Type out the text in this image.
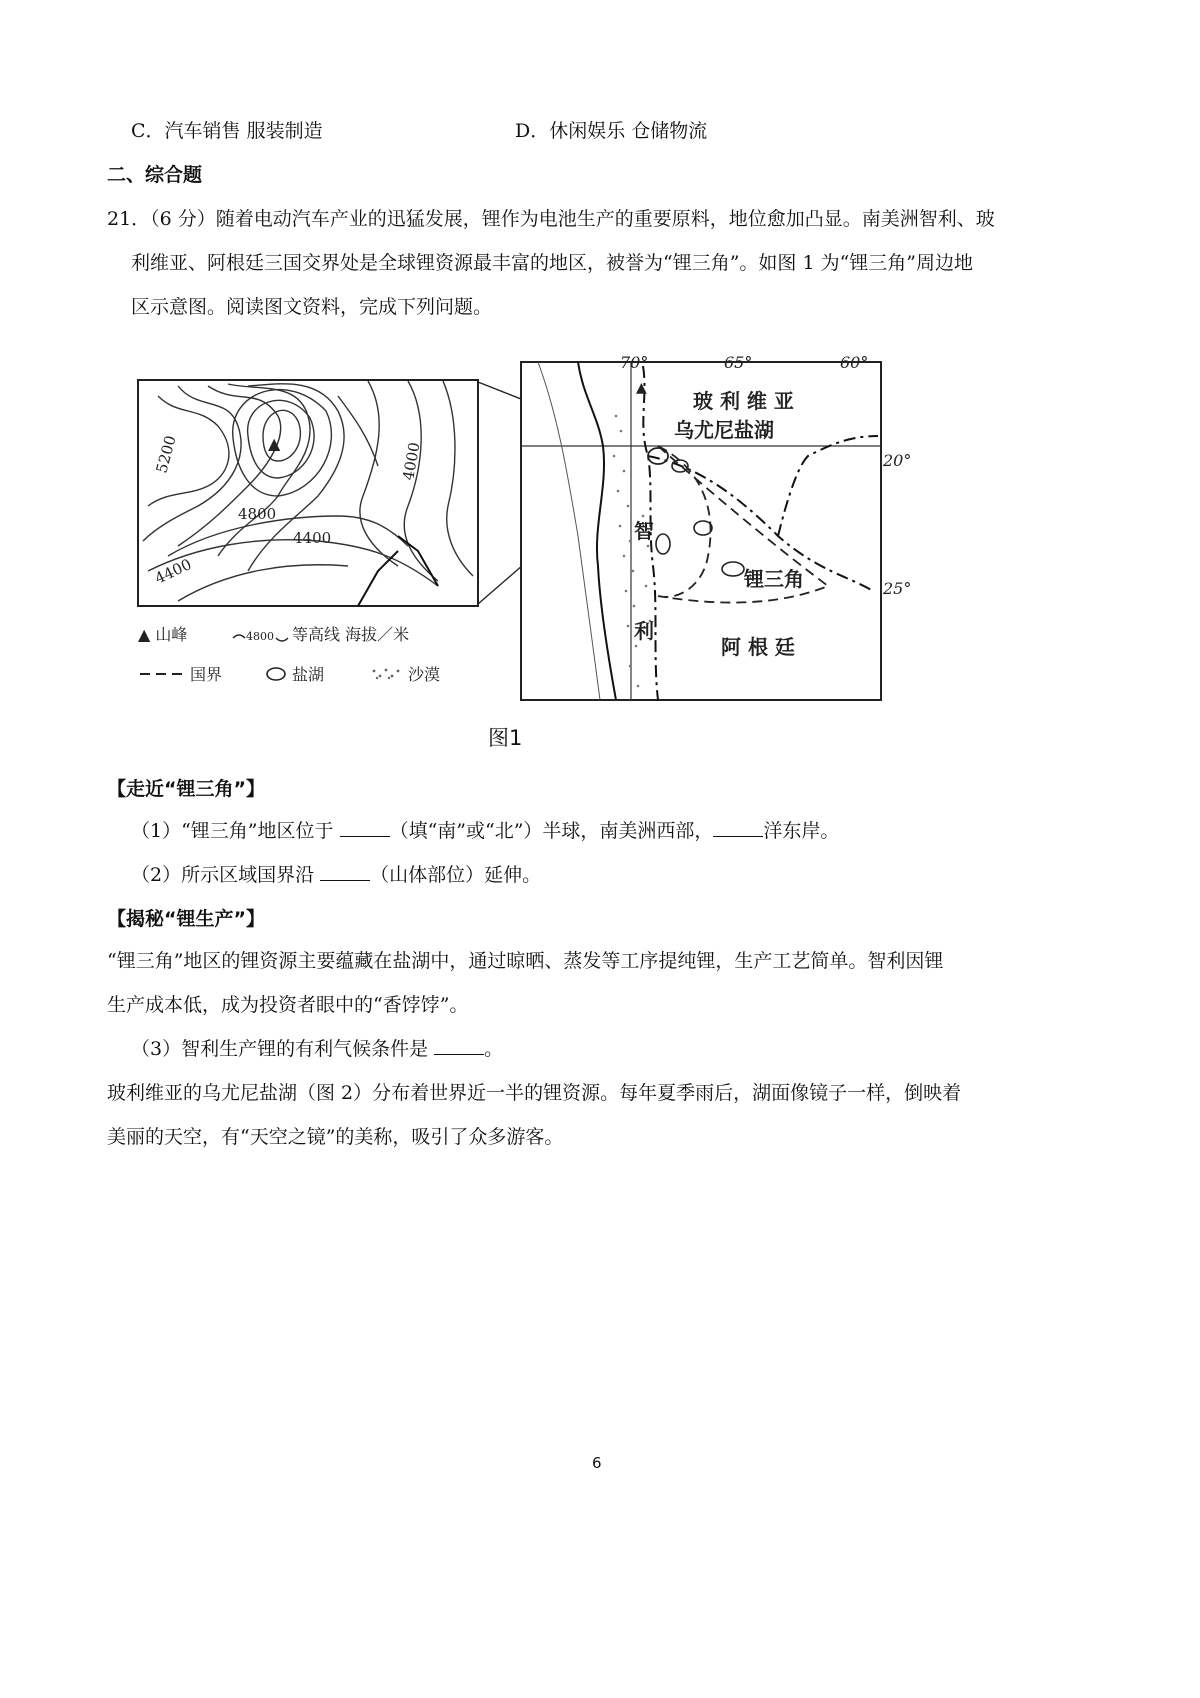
C．汽车销售 服装制造	D．休闲娱乐 仓储物流
二、综合题
21．（6 分）随着电动汽车产业的迅猛发展，锂作为电池生产的重要原料，地位愈加凸显。南美洲智利、玻
利维亚、阿根廷三国交界处是全球锂资源最丰富的地区，被誉为“锂三角”。如图 1 为“锂三角”周边地
区示意图。阅读图文资料，完成下列问题。
▲
5200
4800
4400
4400
4000
▲ 山峰	4800 等高线 海拔／米
国界	盐湖	沙漠
▲
70°	65°	60°
20°
25°
玻 利 维 亚
乌尤尼盐湖
智
利
锂三角
阿 根 廷
图1
【走近“锂三角”】
（1）“锂三角”地区位于	（填“南”或“北”）半球，南美洲西部，	洋东岸。
（2）所示区域国界沿	（山体部位）延伸。
【揭秘“锂生产”】
“锂三角”地区的锂资源主要蕴藏在盐湖中，通过晾晒、蒸发等工序提纯锂，生产工艺简单。智利因锂
生产成本低，成为投资者眼中的“香饽饽”。
（3）智利生产锂的有利气候条件是	。
玻利维亚的乌尤尼盐湖（图 2）分布着世界近一半的锂资源。每年夏季雨后，湖面像镜子一样，倒映着
美丽的天空，有“天空之镜”的美称，吸引了众多游客。
6
